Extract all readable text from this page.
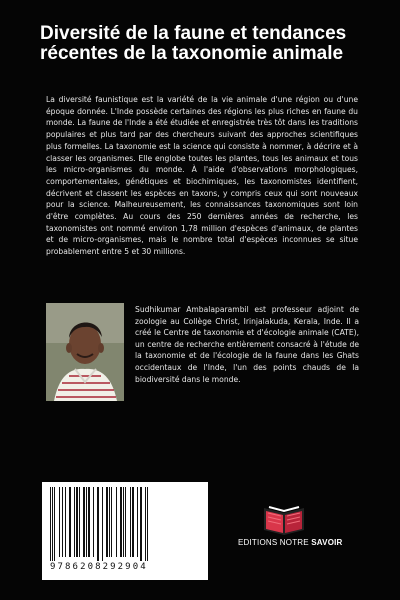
Diversité de la faune et tendances récentes de la taxonomie animale

La diversité faunistique est la variété de la vie animale d'une région ou d'une époque donnée. L'Inde possède certaines des régions les plus riches en faune du monde. La faune de l'Inde a été étudiée et enregistrée très tôt dans les traditions populaires et plus tard par des chercheurs suivant des approches scientifiques plus formelles. La taxonomie est la science qui consiste à nommer, à décrire et à classer les organismes. Elle englobe toutes les plantes, tous les animaux et tous les micro-organismes du monde. À l'aide d'observations morphologiques, comportementales, génétiques et biochimiques, les taxonomistes identifient, décrivent et classent les espèces en taxons, y compris ceux qui sont nouveaux pour la science. Malheureusement, les connaissances taxonomiques sont loin d'être complètes. Au cours des 250 dernières années de recherche, les taxonomistes ont nommé environ 1,78 million d'espèces d'animaux, de plantes et de micro-organismes, mais le nombre total d'espèces inconnues se situe probablement entre 5 et 30 millions.

Sudhikumar Ambalaparambil est professeur adjoint de zoologie au Collège Christ, Irinjalakuda, Kerala, Inde. Il a créé le Centre de taxonomie et d'écologie animale (CATE), un centre de recherche entièrement consacré à l'étude de la taxonomie et de l'écologie de la faune dans les Ghats occidentaux de l'Inde, l'un des points chauds de la biodiversité dans le monde.

9786208292904
EDITIONS NOTRE SAVOIR
